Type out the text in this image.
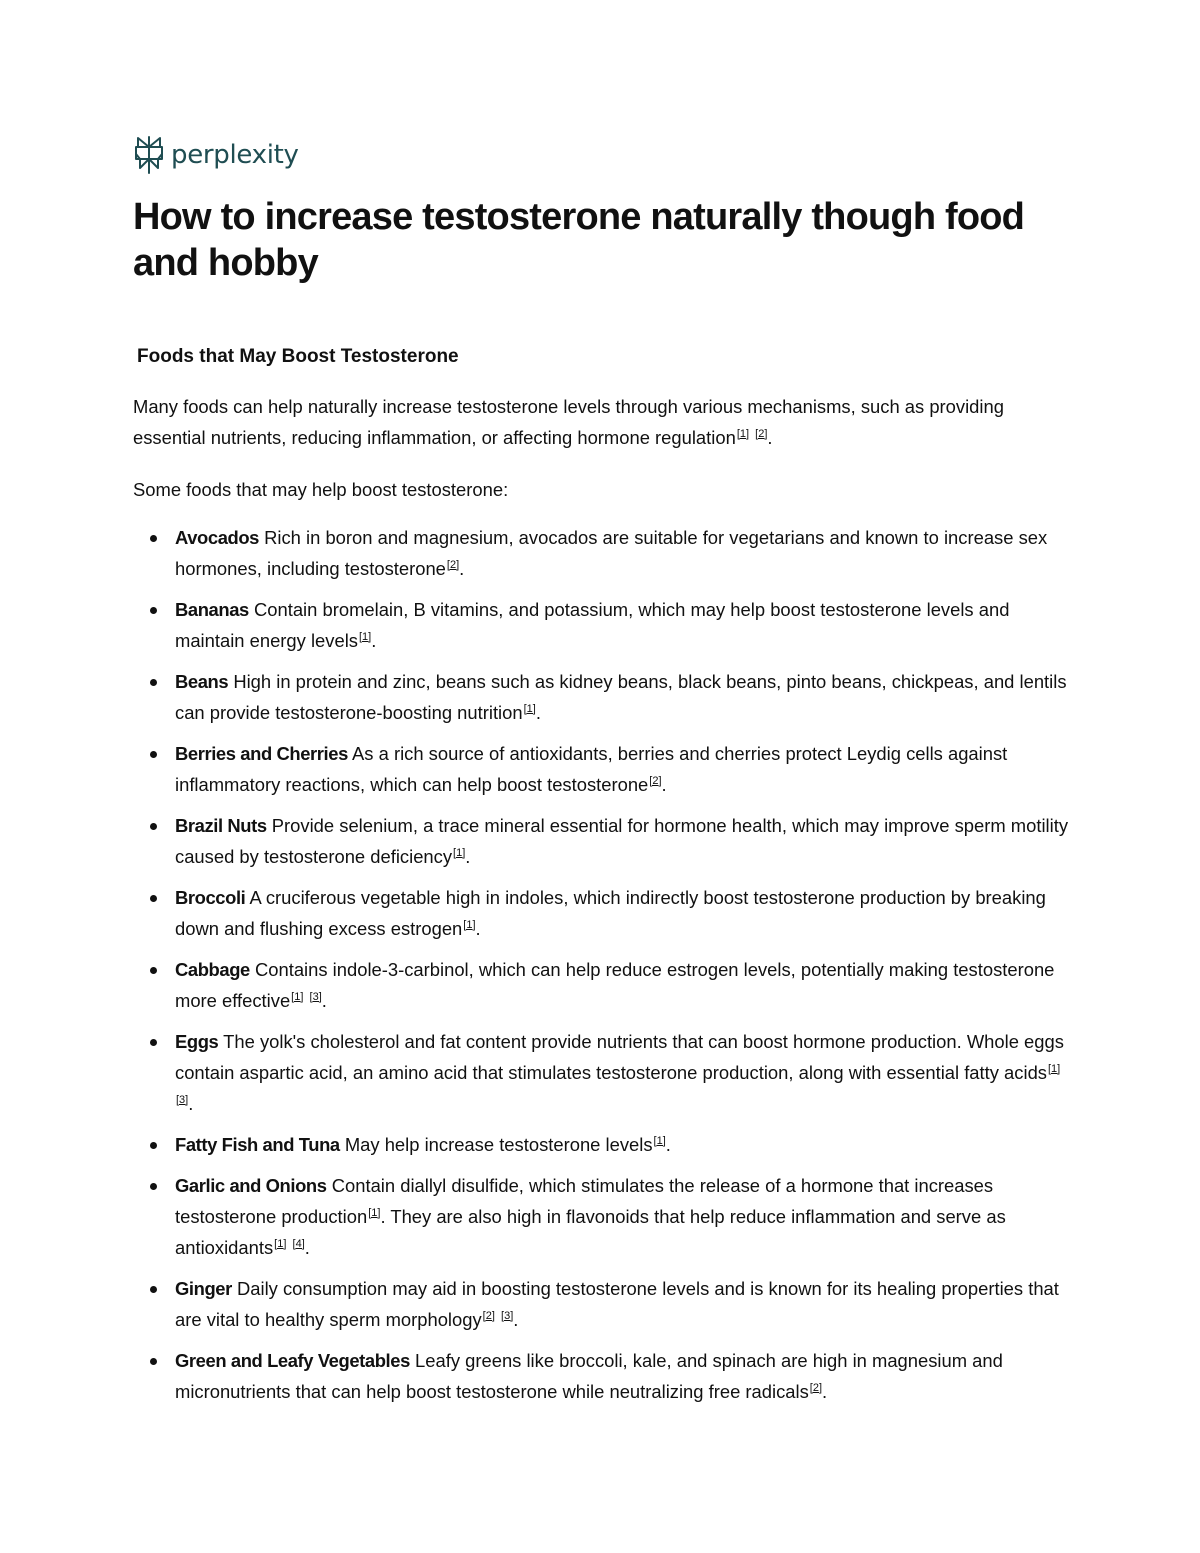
perplexity
How to increase testosterone naturally though food and hobby
Foods that May Boost Testosterone

Many foods can help naturally increase testosterone levels through various mechanisms, such as providing essential nutrients, reducing inflammation, or affecting hormone regulation[1] [2].

Some foods that may help boost testosterone:

Avocados Rich in boron and magnesium, avocados are suitable for vegetarians and known to increase sex hormones, including testosterone[2].
Bananas Contain bromelain, B vitamins, and potassium, which may help boost testosterone levels and maintain energy levels[1].
Beans High in protein and zinc, beans such as kidney beans, black beans, pinto beans, chickpeas, and lentils can provide testosterone-boosting nutrition[1].
Berries and Cherries As a rich source of antioxidants, berries and cherries protect Leydig cells against inflammatory reactions, which can help boost testosterone[2].
Brazil Nuts Provide selenium, a trace mineral essential for hormone health, which may improve sperm motility caused by testosterone deficiency[1].
Broccoli A cruciferous vegetable high in indoles, which indirectly boost testosterone production by breaking down and flushing excess estrogen[1].
Cabbage Contains indole-3-carbinol, which can help reduce estrogen levels, potentially making testosterone more effective[1] [3].
Eggs The yolk's cholesterol and fat content provide nutrients that can boost hormone production. Whole eggs contain aspartic acid, an amino acid that stimulates testosterone production, along with essential fatty acids[1] [3].
Fatty Fish and Tuna May help increase testosterone levels[1].
Garlic and Onions Contain diallyl disulfide, which stimulates the release of a hormone that increases testosterone production[1]. They are also high in flavonoids that help reduce inflammation and serve as antioxidants[1] [4].
Ginger Daily consumption may aid in boosting testosterone levels and is known for its healing properties that are vital to healthy sperm morphology[2] [3].
Green and Leafy Vegetables Leafy greens like broccoli, kale, and spinach are high in magnesium and micronutrients that can help boost testosterone while neutralizing free radicals[2].
